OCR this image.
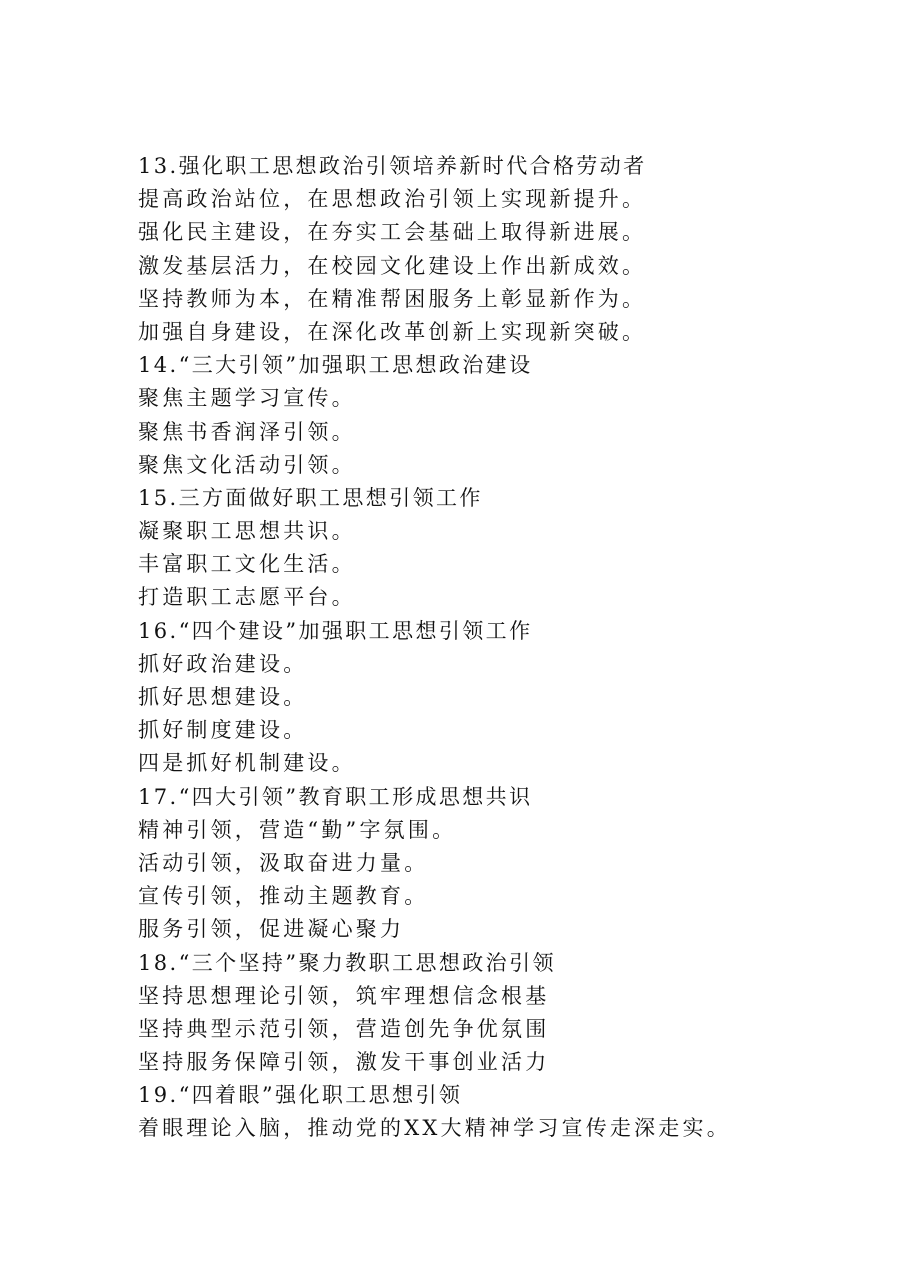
13.强化职工思想政治引领培养新时代合格劳动者
提高政治站位，在思想政治引领上实现新提升。
强化民主建设，在夯实工会基础上取得新进展。
激发基层活力，在校园文化建设上作出新成效。
坚持教师为本，在精准帮困服务上彰显新作为。
加强自身建设，在深化改革创新上实现新突破。
14.“三大引领”加强职工思想政治建设
聚焦主题学习宣传。
聚焦书香润泽引领。
聚焦文化活动引领。
15.三方面做好职工思想引领工作
凝聚职工思想共识。
丰富职工文化生活。
打造职工志愿平台。
16.“四个建设”加强职工思想引领工作
抓好政治建设。
抓好思想建设。
抓好制度建设。
四是抓好机制建设。
17.“四大引领”教育职工形成思想共识
精神引领，营造“勤”字氛围。
活动引领，汲取奋进力量。
宣传引领，推动主题教育。
服务引领，促进凝心聚力
18.“三个坚持”聚力教职工思想政治引领
坚持思想理论引领，筑牢理想信念根基
坚持典型示范引领，营造创先争优氛围
坚持服务保障引领，激发干事创业活力
19.“四着眼”强化职工思想引领
着眼理论入脑，推动党的XX大精神学习宣传走深走实。
